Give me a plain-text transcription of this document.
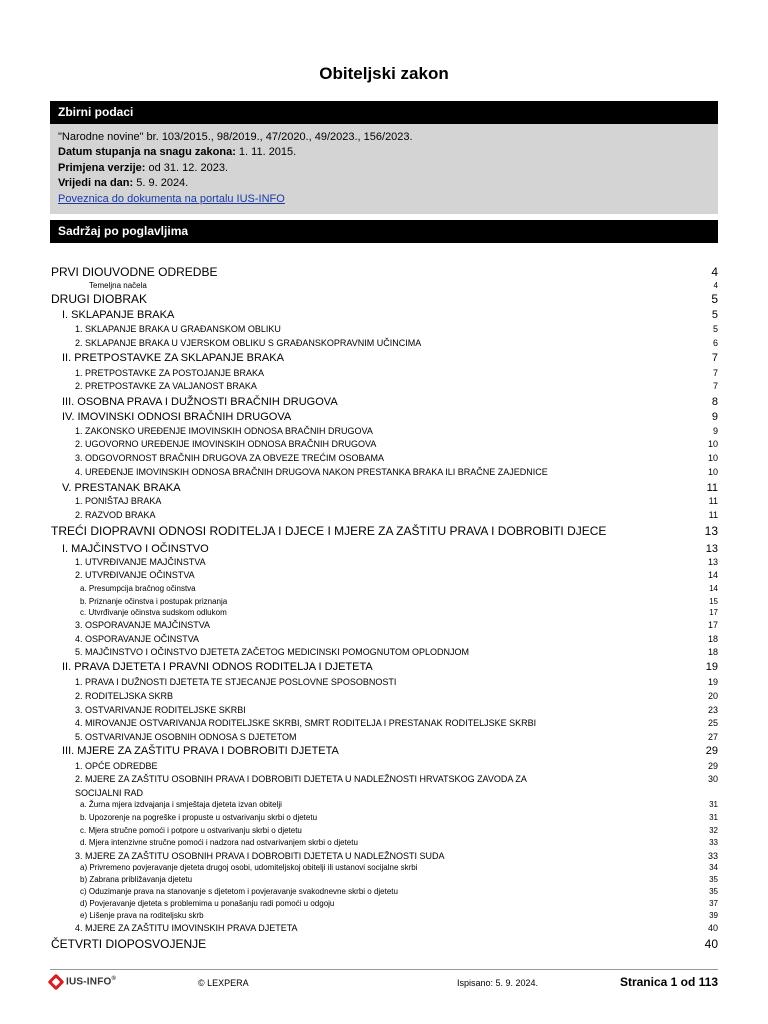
Obiteljski zakon
Zbirni podaci
"Narodne novine" br. 103/2015., 98/2019., 47/2020., 49/2023., 156/2023.
Datum stupanja na snagu zakona: 1. 11. 2015.
Primjena verzije: od 31. 12. 2023.
Vrijedi na dan: 5. 9. 2024.
Poveznica do dokumenta na portalu IUS-INFO
Sadržaj po poglavljima
PRVI DIOUVODNE ODREDBE	4
Temeljna načela	4
DRUGI DIOBRAK	5
I. SKLAPANJE BRAKA	5
1. SKLAPANJE BRAKA U GRAĐANSKOM OBLIKU	5
2. SKLAPANJE BRAKA U VJERSKOM OBLIKU S GRAĐANSKOPRAVNIM UČINCIMA	6
II. PRETPOSTAVKE ZA SKLAPANJE BRAKA	7
1. PRETPOSTAVKE ZA POSTOJANJE BRAKA	7
2. PRETPOSTAVKE ZA VALJANOST BRAKA	7
III. OSOBNA PRAVA I DUŽNOSTI BRAČNIH DRUGOVA	8
IV. IMOVINSKI ODNOSI BRAČNIH DRUGOVA	9
1. ZAKONSKO UREĐENJE IMOVINSKIH ODNOSA BRAČNIH DRUGOVA	9
2. UGOVORNO UREĐENJE IMOVINSKIH ODNOSA BRAČNIH DRUGOVA	10
3. ODGOVORNOST BRAČNIH DRUGOVA ZA OBVEZE TREĆIM OSOBAMA	10
4. UREĐENJE IMOVINSKIH ODNOSA BRAČNIH DRUGOVA NAKON PRESTANKA BRAKA ILI BRAČNE ZAJEDNICE	10
V. PRESTANAK BRAKA	11
1. PONIŠTAJ BRAKA	11
2. RAZVOD BRAKA	11
TREĆI DIOPRAVNI ODNOSI RODITELJA I DJECE I MJERE ZA ZAŠTITU PRAVA I DOBROBITI DJECE	13
I. MAJČINSTVO I OČINSTVO	13
1. UTVRĐIVANJE MAJČINSTVA	13
2. UTVRĐIVANJE OČINSTVA	14
a. Presumpcija bračnog očinstva	14
b. Priznanje očinstva i postupak priznanja	15
c. Utvrđivanje očinstva sudskom odlukom	17
3. OSPORAVANJE MAJČINSTVA	17
4. OSPORAVANJE OČINSTVA	18
5. MAJČINSTVO I OČINSTVO DJETETA ZAČETOG MEDICINSKI POMOGNUTOM OPLODNJOM	18
II. PRAVA DJETETA I PRAVNI ODNOS RODITELJA I DJETETA	19
1. PRAVA I DUŽNOSTI DJETETA TE STJECANJE POSLOVNE SPOSOBNOSTI	19
2. RODITELJSKA SKRB	20
3. OSTVARIVANJE RODITELJSKE SKRBI	23
4. MIROVANJE OSTVARIVANJA RODITELJSKE SKRBI, SMRT RODITELJA I PRESTANAK RODITELJSKE SKRBI	25
5. OSTVARIVANJE OSOBNIH ODNOSA S DJETETOM	27
III. MJERE ZA ZAŠTITU PRAVA I DOBROBITI DJETETA	29
1. OPĆE ODREDBE	29
2. MJERE ZA ZAŠTITU OSOBNIH PRAVA I DOBROBITI DJETETA U NADLEŽNOSTI HRVATSKOG ZAVODA ZA	30
SOCIJALNI RAD
a. Žurna mjera izdvajanja i smještaja djeteta izvan obitelji	31
b. Upozorenje na pogreške i propuste u ostvarivanju skrbi o djetetu	31
c. Mjera stručne pomoći i potpore u ostvarivanju skrbi o djetetu	32
d. Mjera intenzivne stručne pomoći i nadzora nad ostvarivanjem skrbi o djetetu	33
3. MJERE ZA ZAŠTITU OSOBNIH PRAVA I DOBROBITI DJETETA U NADLEŽNOSTI SUDA	33
a) Privremeno povjeravanje djeteta drugoj osobi, udomiteljskoj obitelji ili ustanovi socijalne skrbi	34
b) Zabrana približavanja djetetu	35
c) Oduzimanje prava na stanovanje s djetetom i povjeravanje svakodnevne skrbi o djetetu	35
d) Povjeravanje djeteta s problemima u ponašanju radi pomoći u odgoju	37
e) Lišenje prava na roditeljsku skrb	39
4. MJERE ZA ZAŠTITU IMOVINSKIH PRAVA DJETETA	40
ČETVRTI DIOPOSVOJENJE	40
IUS-INFO®	© LEXPERA	Ispisano: 5. 9. 2024.	Stranica 1 od 113
